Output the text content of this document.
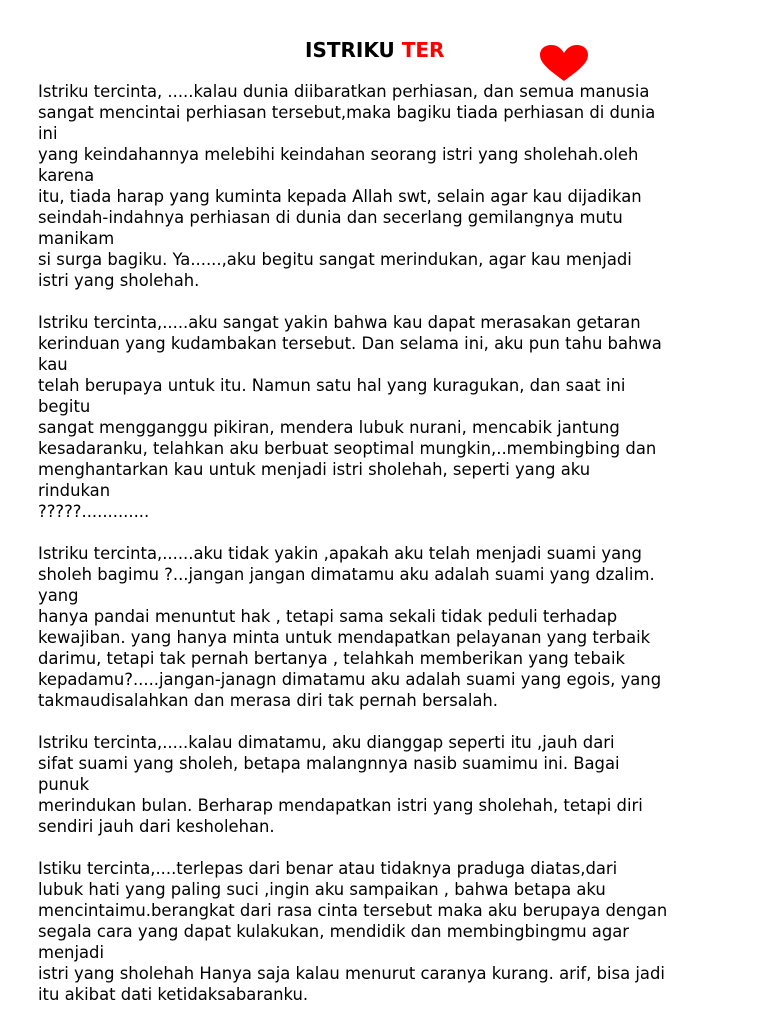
ISTRIKU TER
Istriku tercinta, .....kalau dunia diibaratkan perhiasan, dan semua manusia
sangat mencintai perhiasan tersebut,maka bagiku tiada perhiasan di dunia
ini
yang keindahannya melebihi keindahan seorang istri yang sholehah.oleh
karena
itu, tiada harap yang kuminta kepada Allah swt, selain agar kau dijadikan
seindah-indahnya perhiasan di dunia dan secerlang gemilangnya mutu
manikam
si surga bagiku. Ya......,aku begitu sangat merindukan, agar kau menjadi
istri yang sholehah.
Istriku tercinta,.....aku sangat yakin bahwa kau dapat merasakan getaran
kerinduan yang kudambakan tersebut. Dan selama ini, aku pun tahu bahwa
kau
telah berupaya untuk itu. Namun satu hal yang kuragukan, dan saat ini
begitu
sangat mengganggu pikiran, mendera lubuk nurani, mencabik jantung
kesadaranku, telahkan aku berbuat seoptimal mungkin,..membingbing dan
menghantarkan kau untuk menjadi istri sholehah, seperti yang aku
rindukan
?????.............
Istriku tercinta,......aku tidak yakin ,apakah aku telah menjadi suami yang
sholeh bagimu ?...jangan jangan dimatamu aku adalah suami yang dzalim.
yang
hanya pandai menuntut hak , tetapi sama sekali tidak peduli terhadap
kewajiban. yang hanya minta untuk mendapatkan pelayanan yang terbaik
darimu, tetapi tak pernah bertanya , telahkah memberikan yang tebaik
kepadamu?.....jangan-janagn dimatamu aku adalah suami yang egois, yang
takmaudisalahkan dan merasa diri tak pernah bersalah.
Istriku tercinta,.....kalau dimatamu, aku dianggap seperti itu ,jauh dari
sifat suami yang sholeh, betapa malangnnya nasib suamimu ini. Bagai
punuk
merindukan bulan. Berharap mendapatkan istri yang sholehah, tetapi diri
sendiri jauh dari kesholehan.
Istiku tercinta,....terlepas dari benar atau tidaknya praduga diatas,dari
lubuk hati yang paling suci ,ingin aku sampaikan , bahwa betapa aku
mencintaimu.berangkat dari rasa cinta tersebut maka aku berupaya dengan
segala cara yang dapat kulakukan, mendidik dan membingbingmu agar
menjadi
istri yang sholehah Hanya saja kalau menurut caranya kurang. arif, bisa jadi
itu akibat dati ketidaksabaranku.
